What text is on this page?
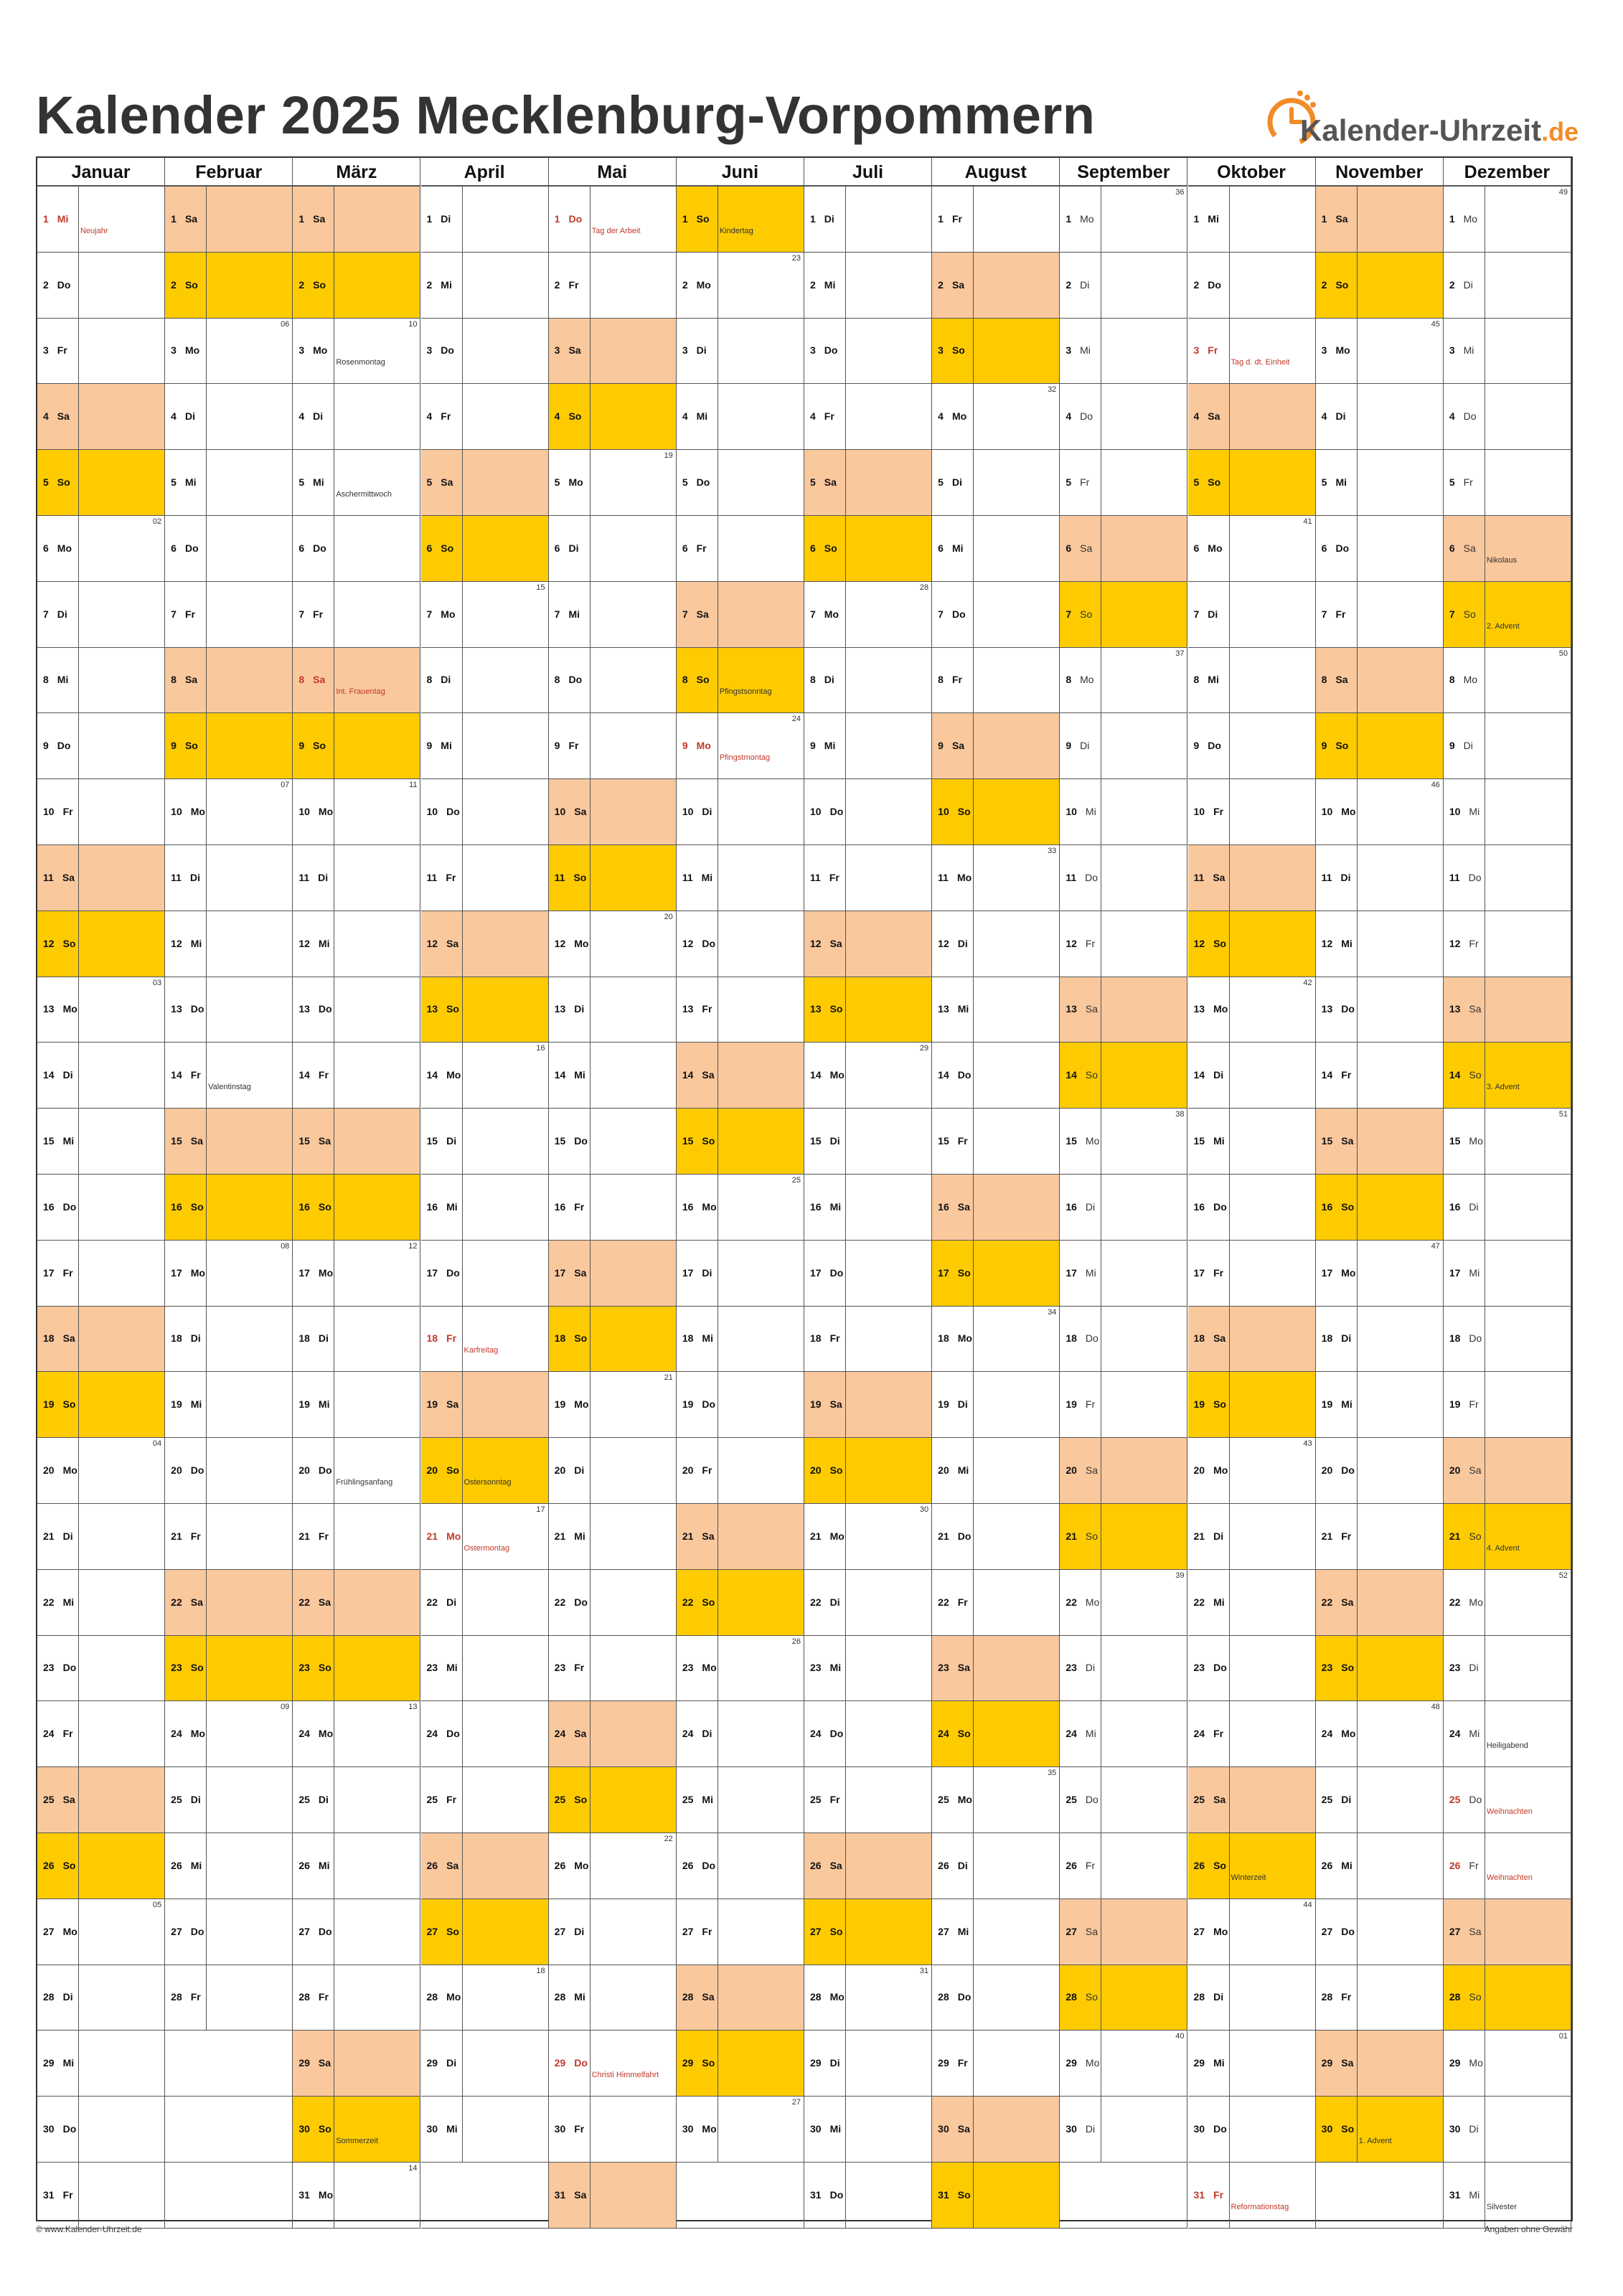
Kalender 2025 Mecklenburg-Vorpommern	Kalender-Uhrzeit.de
Januar
1 Mi
Neujahr
2 Do
3 Fr
4 Sa
5 So
6 Mo
02
7 Di
8 Mi
9 Do
10 Fr
11 Sa
12 So
13 Mo
03
14 Di
15 Mi
16 Do
17 Fr
18 Sa
19 So
20 Mo
04
21 Di
22 Mi
23 Do
24 Fr
25 Sa
26 So
27 Mo
05
28 Di
29 Mi
30 Do
31 Fr
Februar
1 Sa
2 So
3 Mo
06
4 Di
5 Mi
6 Do
7 Fr
8 Sa
9 So
10 Mo
07
11 Di
12 Mi
13 Do
14 Fr
Valentinstag
15 Sa
16 So
17 Mo
08
18 Di
19 Mi
20 Do
21 Fr
22 Sa
23 So
24 Mo
09
25 Di
26 Mi
27 Do
28 Fr
März
1 Sa
2 So
3 Mo
10
Rosenmontag
4 Di
5 Mi
Aschermittwoch
6 Do
7 Fr
8 Sa
Int. Frauentag
9 So
10 Mo
11
11 Di
12 Mi
13 Do
14 Fr
15 Sa
16 So
17 Mo
12
18 Di
19 Mi
20 Do
Frühlingsanfang
21 Fr
22 Sa
23 So
24 Mo
13
25 Di
26 Mi
27 Do
28 Fr
29 Sa
30 So
Sommerzeit
31 Mo
14
April
1 Di
2 Mi
3 Do
4 Fr
5 Sa
6 So
7 Mo
15
8 Di
9 Mi
10 Do
11 Fr
12 Sa
13 So
14 Mo
16
15 Di
16 Mi
17 Do
18 Fr
Karfreitag
19 Sa
20 So
Ostersonntag
21 Mo
17
Ostermontag
22 Di
23 Mi
24 Do
25 Fr
26 Sa
27 So
28 Mo
18
29 Di
30 Mi
Mai
1 Do
Tag der Arbeit
2 Fr
3 Sa
4 So
5 Mo
19
6 Di
7 Mi
8 Do
9 Fr
10 Sa
11 So
12 Mo
20
13 Di
14 Mi
15 Do
16 Fr
17 Sa
18 So
19 Mo
21
20 Di
21 Mi
22 Do
23 Fr
24 Sa
25 So
26 Mo
22
27 Di
28 Mi
29 Do
Christi Himmelfahrt
30 Fr
31 Sa
Juni
1 So
Kindertag
2 Mo
23
3 Di
4 Mi
5 Do
6 Fr
7 Sa
8 So
Pfingstsonntag
9 Mo
24
Pfingstmontag
10 Di
11 Mi
12 Do
13 Fr
14 Sa
15 So
16 Mo
25
17 Di
18 Mi
19 Do
20 Fr
21 Sa
22 So
23 Mo
26
24 Di
25 Mi
26 Do
27 Fr
28 Sa
29 So
30 Mo
27
Juli
1 Di
2 Mi
3 Do
4 Fr
5 Sa
6 So
7 Mo
28
8 Di
9 Mi
10 Do
11 Fr
12 Sa
13 So
14 Mo
29
15 Di
16 Mi
17 Do
18 Fr
19 Sa
20 So
21 Mo
30
22 Di
23 Mi
24 Do
25 Fr
26 Sa
27 So
28 Mo
31
29 Di
30 Mi
31 Do
August
1 Fr
2 Sa
3 So
4 Mo
32
5 Di
6 Mi
7 Do
8 Fr
9 Sa
10 So
11 Mo
33
12 Di
13 Mi
14 Do
15 Fr
16 Sa
17 So
18 Mo
34
19 Di
20 Mi
21 Do
22 Fr
23 Sa
24 So
25 Mo
35
26 Di
27 Mi
28 Do
29 Fr
30 Sa
31 So
September
1 Mo
36
2 Di
3 Mi
4 Do
5 Fr
6 Sa
7 So
8 Mo
37
9 Di
10 Mi
11 Do
12 Fr
13 Sa
14 So
15 Mo
38
16 Di
17 Mi
18 Do
19 Fr
20 Sa
21 So
22 Mo
39
23 Di
24 Mi
25 Do
26 Fr
27 Sa
28 So
29 Mo
40
30 Di
Oktober
1 Mi
2 Do
3 Fr
Tag d. dt. Einheit
4 Sa
5 So
6 Mo
41
7 Di
8 Mi
9 Do
10 Fr
11 Sa
12 So
13 Mo
42
14 Di
15 Mi
16 Do
17 Fr
18 Sa
19 So
20 Mo
43
21 Di
22 Mi
23 Do
24 Fr
25 Sa
26 So
Winterzeit
27 Mo
44
28 Di
29 Mi
30 Do
31 Fr
Reformationstag
November
1 Sa
2 So
3 Mo
45
4 Di
5 Mi
6 Do
7 Fr
8 Sa
9 So
10 Mo
46
11 Di
12 Mi
13 Do
14 Fr
15 Sa
16 So
17 Mo
47
18 Di
19 Mi
20 Do
21 Fr
22 Sa
23 So
24 Mo
48
25 Di
26 Mi
27 Do
28 Fr
29 Sa
30 So
1. Advent
Dezember
1 Mo
49
2 Di
3 Mi
4 Do
5 Fr
6 Sa
Nikolaus
7 So
2. Advent
8 Mo
50
9 Di
10 Mi
11 Do
12 Fr
13 Sa
14 So
3. Advent
15 Mo
51
16 Di
17 Mi
18 Do
19 Fr
20 Sa
21 So
4. Advent
22 Mo
52
23 Di
24 Mi
Heiligabend
25 Do
Weihnachten
26 Fr
Weihnachten
27 Sa
28 So
29 Mo
01
30 Di
31 Mi
Silvester
© www.Kalender-Uhrzeit.de	Angaben ohne Gewähr
